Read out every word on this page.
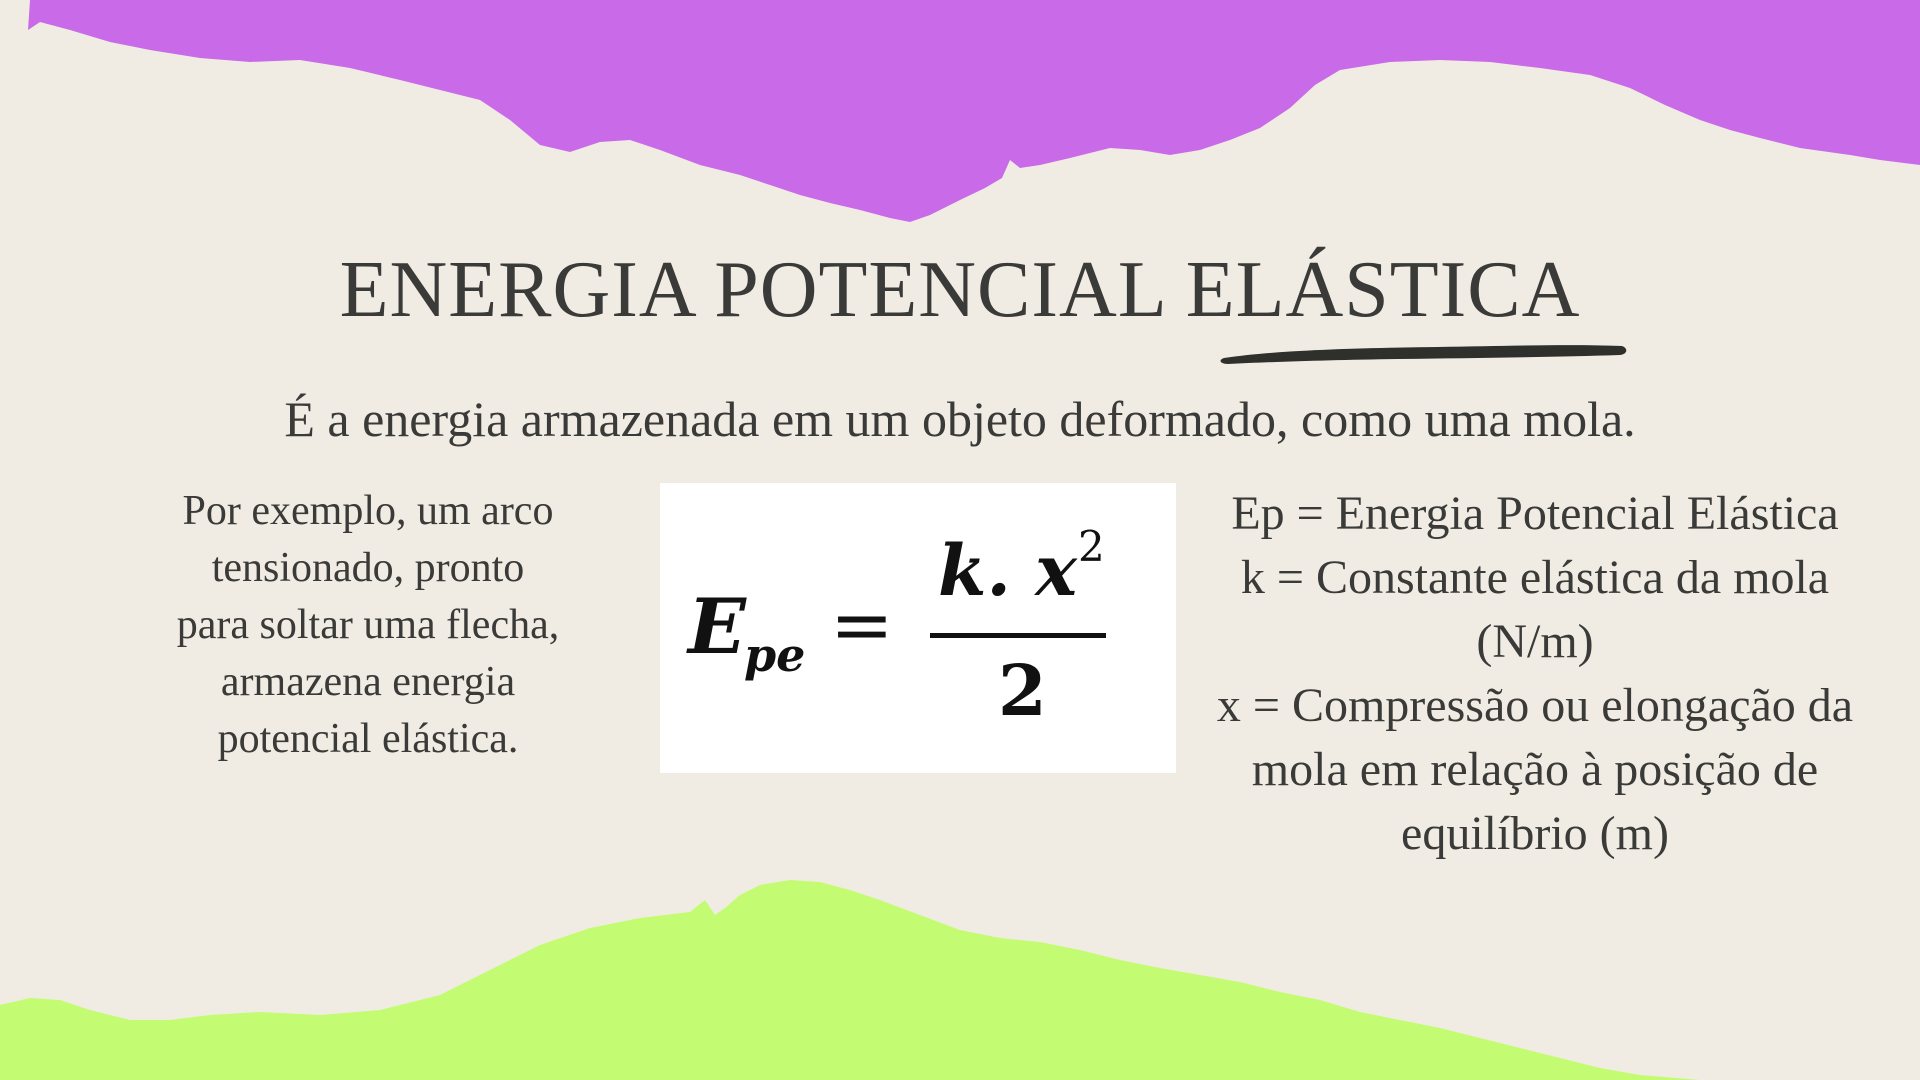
ENERGIA POTENCIAL ELÁSTICA
É a energia armazenada em um objeto deformado, como uma mola.
Por exemplo, um arco
tensionado, pronto
para soltar uma flecha,
armazena energia
potencial elástica.
E
pe =
k. x 2
2
Ep = Energia Potencial Elástica
k = Constante elástica da mola
(N/m)
x = Compressão ou elongação da
mola em relação à posição de
equilíbrio (m)
